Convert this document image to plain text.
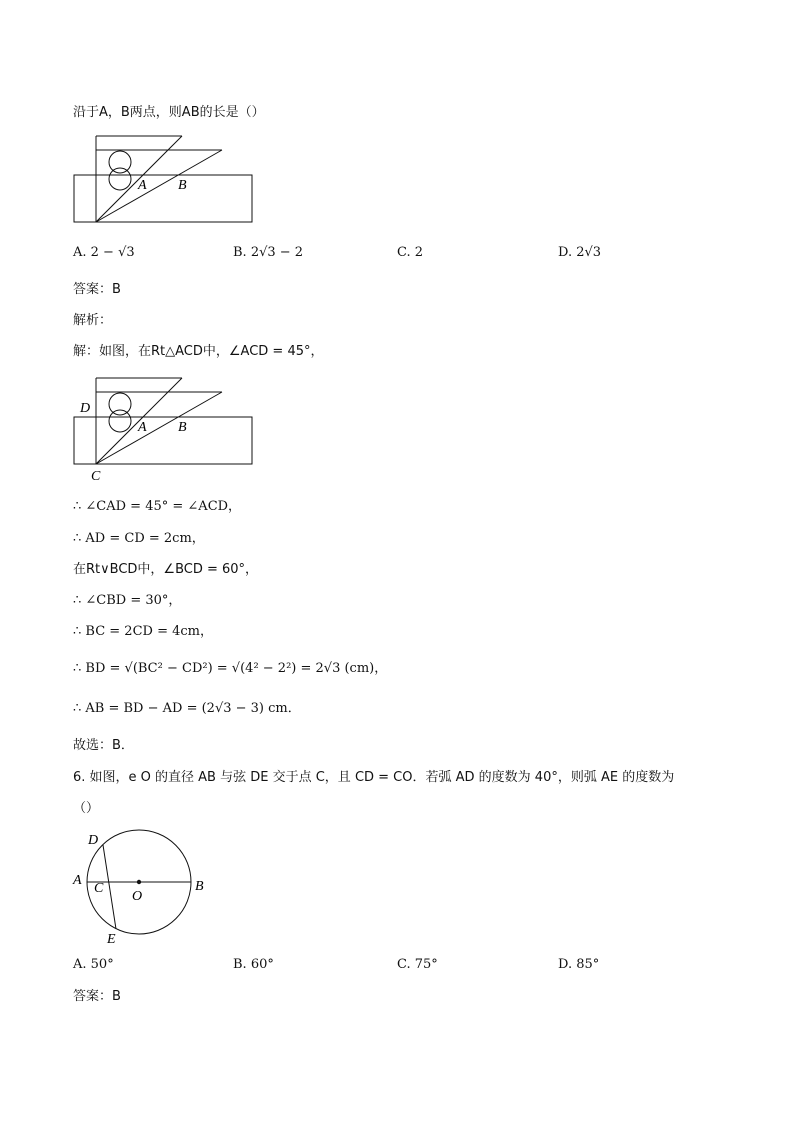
沿于A，B两点，则AB的长是（）
A B
A. 2 − √3	B. 2√3 − 2	C. 2	D. 2√3
答案：B
解析：
解：如图，在Rt△ACD中，∠ACD = 45°，
D
A B
C
∴ ∠CAD = 45° = ∠ACD，
∴ AD = CD = 2cm，
在Rt∨BCD中，∠BCD = 60°，
∴ ∠CBD = 30°，
∴ BC = 2CD = 4cm，
∴ BD = √(BC² − CD²) = √(4² − 2²) = 2√3 (cm)，
∴ AB = BD − AD = (2√3 − 3) cm．
故选：B．
6. 如图，e O 的直径 AB 与弦 DE 交于点 C，且 CD = CO．若弧 AD 的度数为 40°，则弧 AE 的度数为
（）
D
A
C
O
B
E
A. 50°	B. 60°	C. 75°	D. 85°
答案：B
